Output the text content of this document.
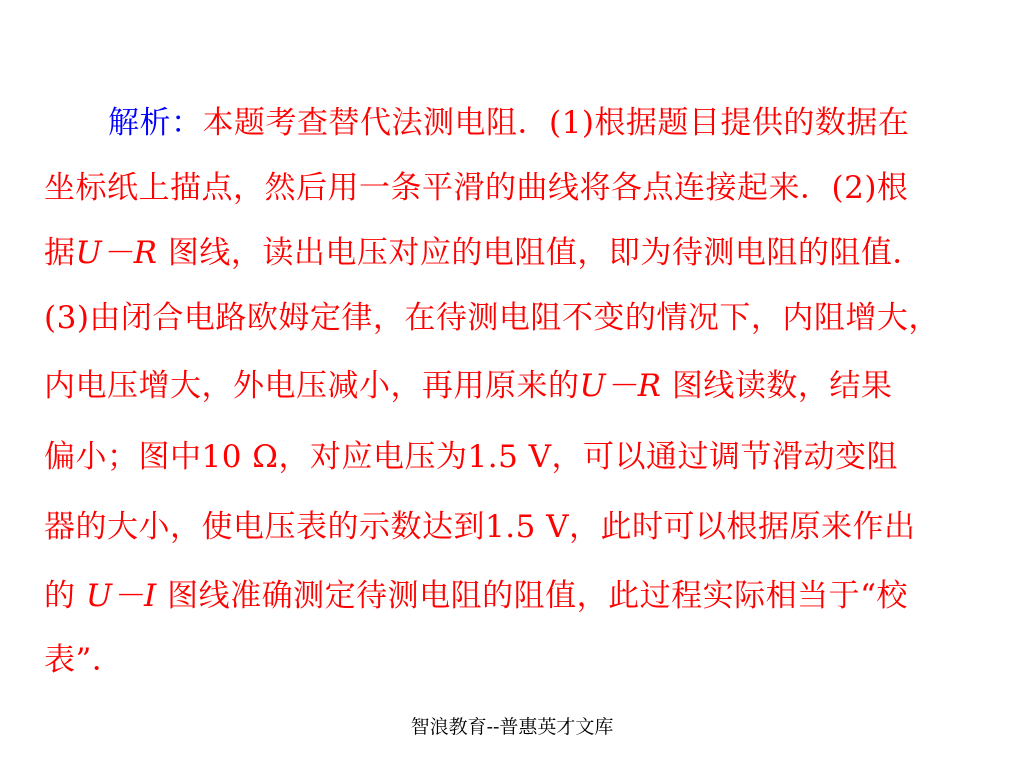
解析：本题考查替代法测电阻．(1)根据题目提供的数据在
坐标纸上描点，然后用一条平滑的曲线将各点连接起来．(2)根
据U－R 图线，读出电压对应的电阻值，即为待测电阻的阻值．
(3)由闭合电路欧姆定律，在待测电阻不变的情况下，内阻增大，
内电压增大，外电压减小，再用原来的U－R 图线读数，结果
偏小；图中10 Ω，对应电压为1.5 V，可以通过调节滑动变阻
器的大小，使电压表的示数达到1.5 V，此时可以根据原来作出
的 U－I 图线准确测定待测电阻的阻值，此过程实际相当于“校
表”．
智浪教育--普惠英才文库
